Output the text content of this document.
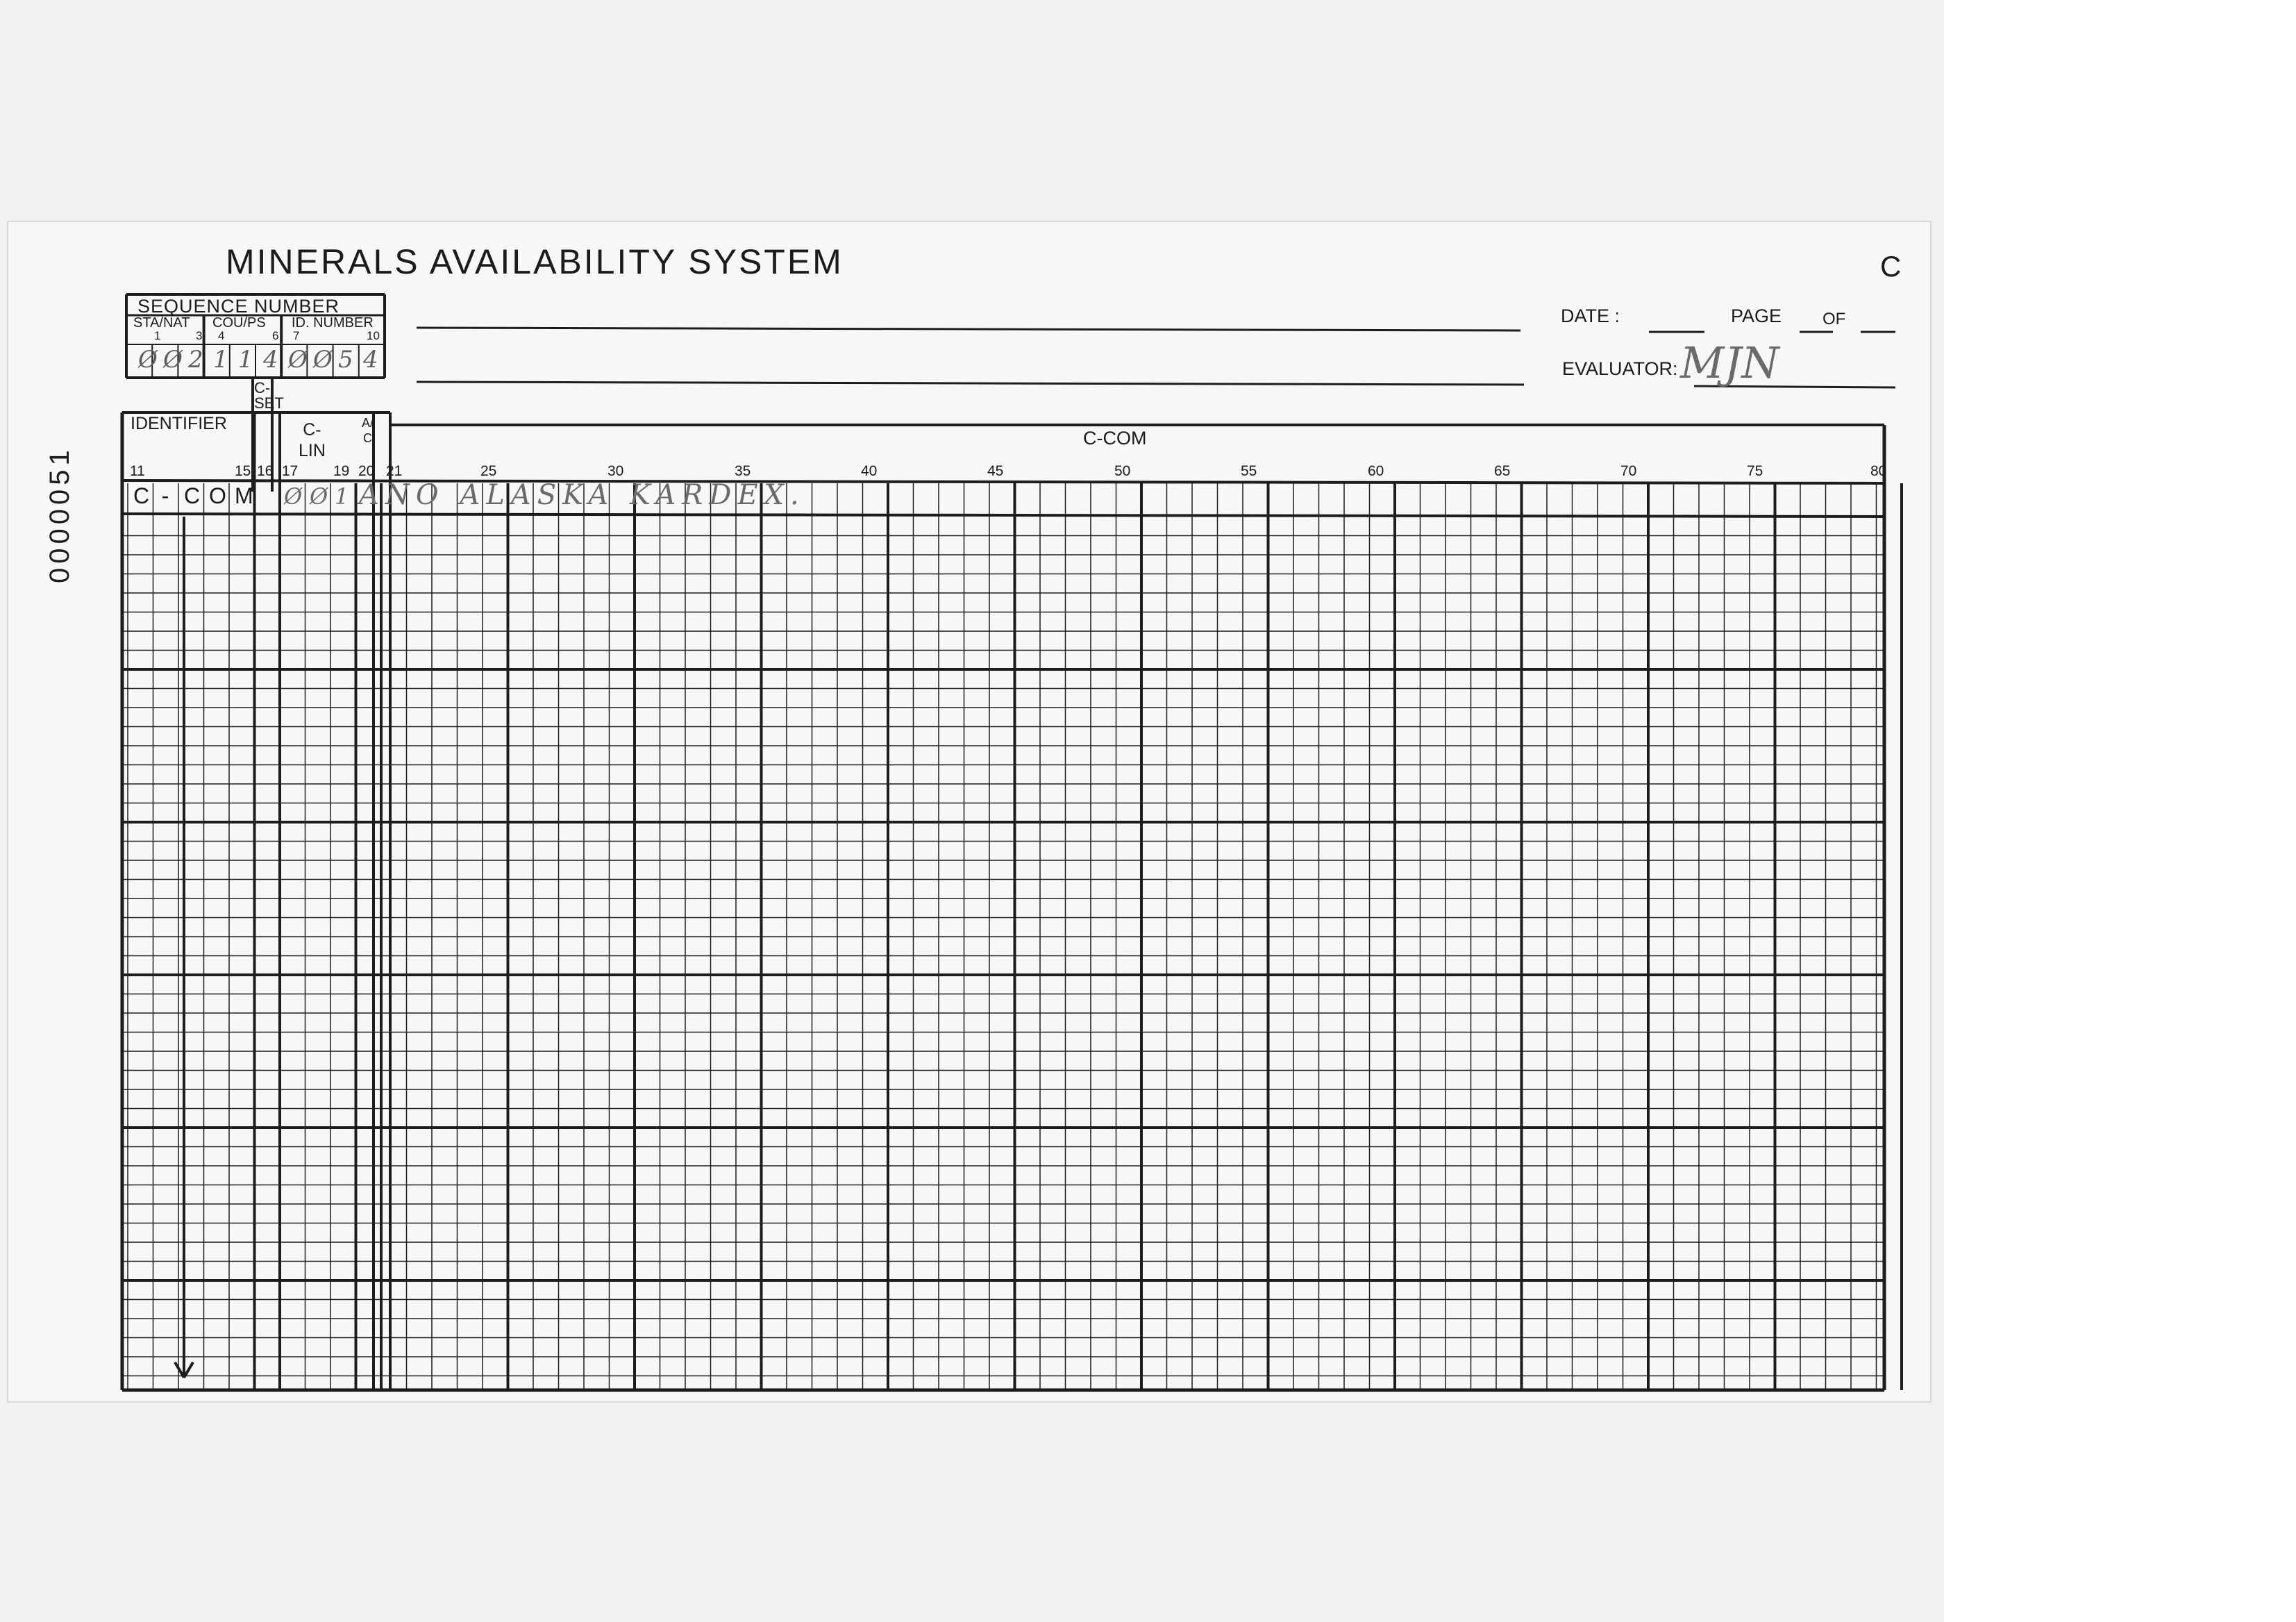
MINERALS AVAILABILITY SYSTEM	C
0000051
SEQUENCE NUMBER
STA/NAT COU/PS ID. NUMBER
1	3 4	6 7	10
Ø Ø 2 1 1 4 Ø Ø 5 4
DATE :	PAGE OF
EVALUATOR: MJN
IDENTIFIER
C-SET
C-
LIN
A/
C	C-COM
11	15 16 17 19 20 21	25	30	35	40	45	50	55	60	65	70	75	80
C - C O M Ø Ø 1 ANO ALASKA KARDEX.
